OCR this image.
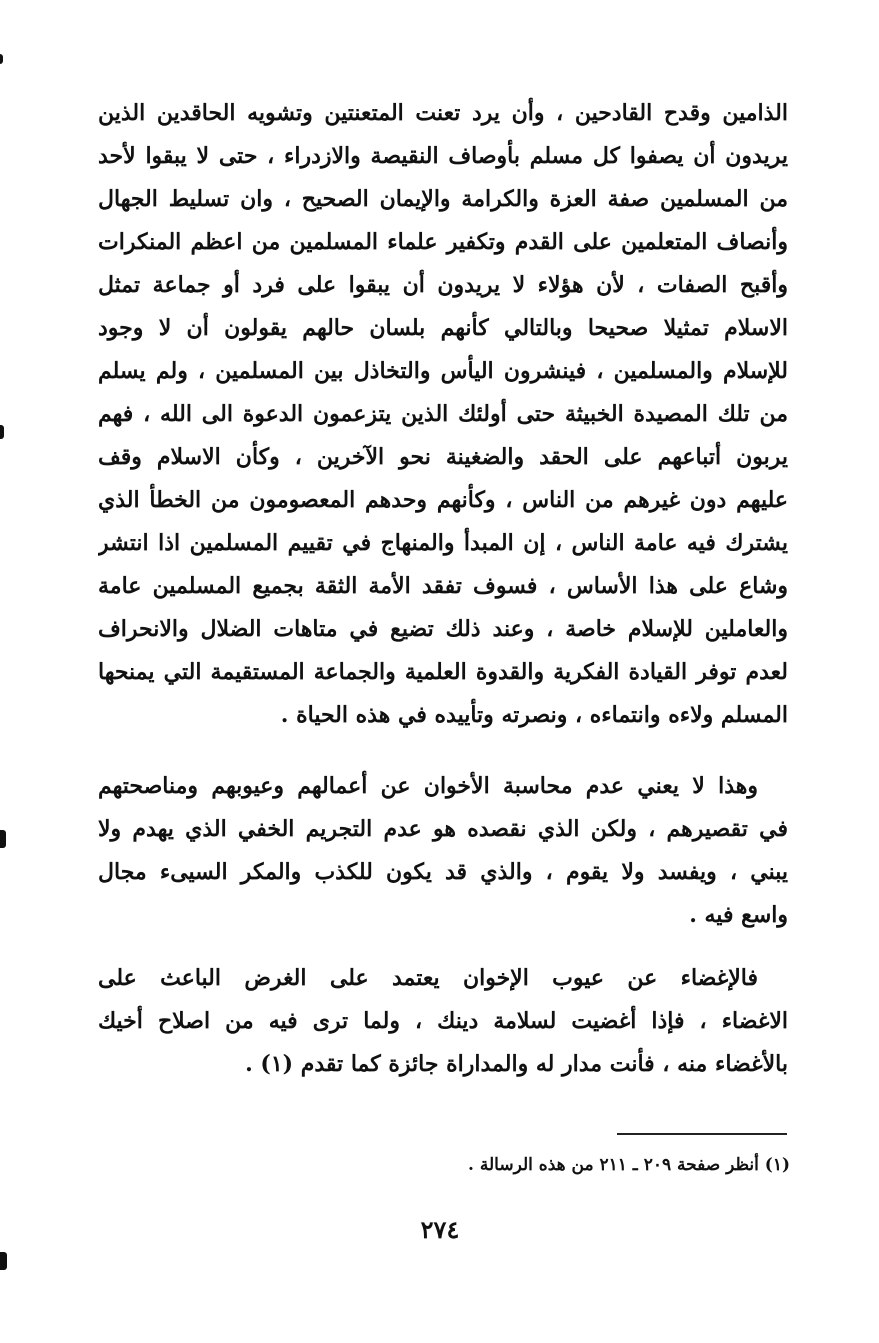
الذامين وقدح القادحين ، وأن يرد تعنت المتعنتين وتشويه الحاقدين الذين
يريدون أن يصفوا كل مسلم بأوصاف النقيصة والازدراء ، حتى لا يبقوا لأحد
من المسلمين صفة العزة والكرامة والإيمان الصحيح ، وان تسليط الجهال
وأنصاف المتعلمين على القدم وتكفير علماء المسلمين من اعظم المنكرات
وأقبح الصفات ، لأن هؤلاء لا يريدون أن يبقوا على فرد أو جماعة تمثل
الاسلام تمثيلا صحيحا وبالتالي كأنهم بلسان حالهم يقولون أن لا وجود
للإسلام والمسلمين ، فينشرون اليأس والتخاذل بين المسلمين ، ولم يسلم
من تلك المصيدة الخبيثة حتى أولئك الذين يتزعمون الدعوة الى الله ، فهم
يربون أتباعهم على الحقد والضغينة نحو الآخرين ، وكأن الاسلام وقف
عليهم دون غيرهم من الناس ، وكأنهم وحدهم المعصومون من الخطأ الذي
يشترك فيه عامة الناس ، إن المبدأ والمنهاج في تقييم المسلمين اذا انتشر
وشاع على هذا الأساس ، فسوف تفقد الأمة الثقة بجميع المسلمين عامة
والعاملين للإسلام خاصة ، وعند ذلك تضيع في متاهات الضلال والانحراف
لعدم توفر القيادة الفكرية والقدوة العلمية والجماعة المستقيمة التي يمنحها
المسلم ولاءه وانتماءه ، ونصرته وتأييده في هذه الحياة .
وهذا لا يعني عدم محاسبة الأخوان عن أعمالهم وعيوبهم ومناصحتهم
في تقصيرهم ، ولكن الذي نقصده هو عدم التجريم الخفي الذي يهدم ولا
يبني ، ويفسد ولا يقوم ، والذي قد يكون للكذب والمكر السيىء مجال
واسع فيه .
فالإغضاء عن عيوب الإخوان يعتمد على الغرض الباعث على
الاغضاء ، فإذا أغضيت لسلامة دينك ، ولما ترى فيه من اصلاح أخيك
بالأغضاء منه ، فأنت مدار له والمداراة جائزة كما تقدم (١) .
(١) أنظر صفحة ٢٠٩ ـ ٢١١ من هذه الرسالة .
٢٧٤
